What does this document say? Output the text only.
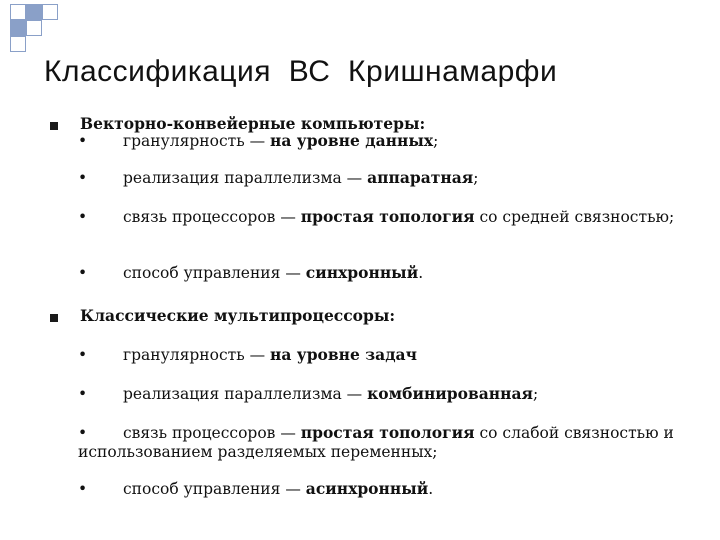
Классификация  ВС  Кришнамарфи
Векторно-конвейерные компьютеры:
• гранулярность — на уровне данных;
• реализация параллелизма — аппаратная;
• связь процессоров — простая топология со средней связностью;
• способ управления — синхронный.
Классические мультипроцессоры:
• гранулярность — на уровне задач
• реализация параллелизма — комбинированная;
• связь процессоров — простая топология со слабой связностью и использованием разделяемых переменных;
• способ управления — асинхронный.
